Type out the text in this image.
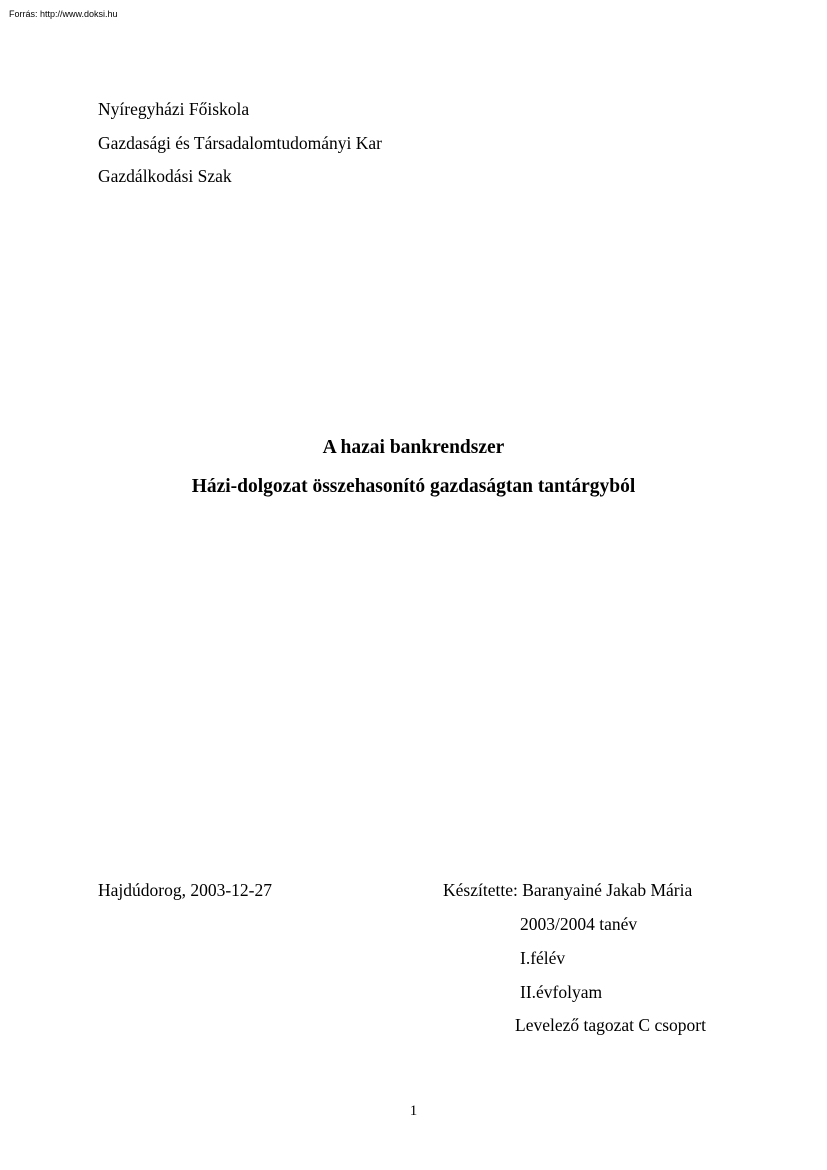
Forrás: http://www.doksi.hu
Nyíregyházi Főiskola
Gazdasági és Társadalomtudományi Kar
Gazdálkodási Szak
A hazai bankrendszer
Házi-dolgozat összehasonító gazdaságtan tantárgyból
Hajdúdorog, 2003-12-27	Készítette: Baranyainé Jakab Mária
2003/2004 tanév
I.félév
II.évfolyam
Levelező tagozat C csoport
1
